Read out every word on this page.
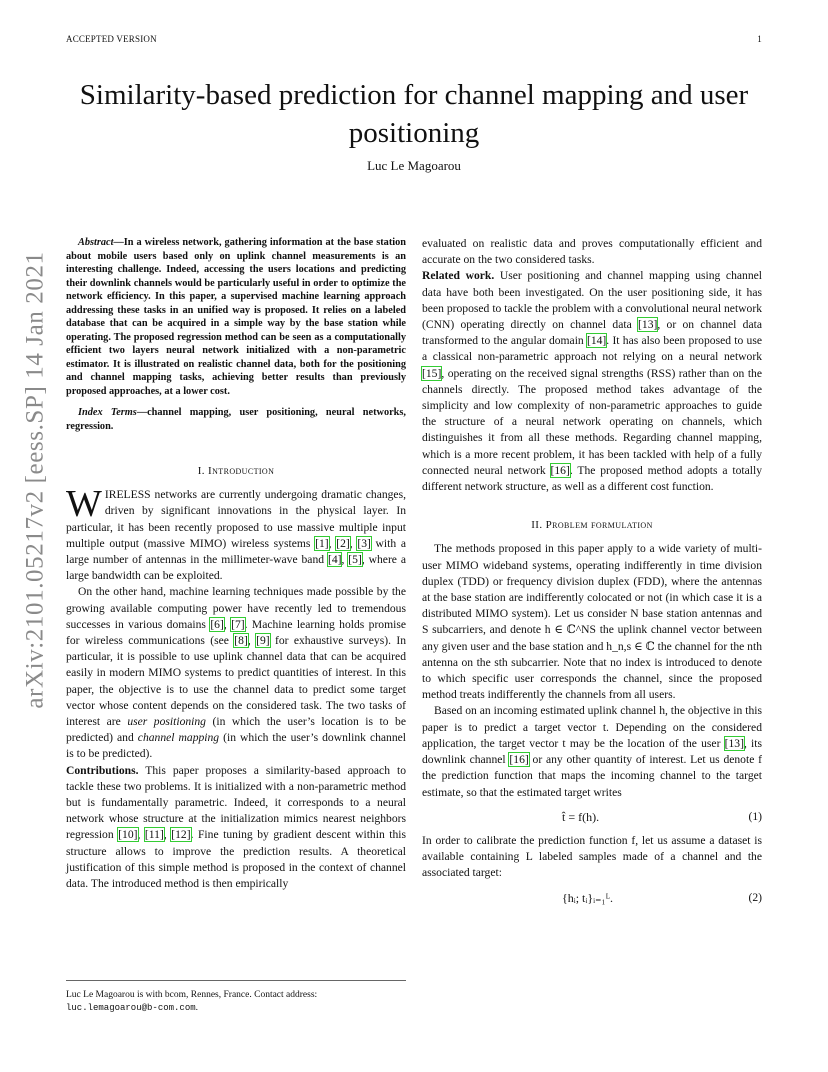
ACCEPTED VERSION	1
arXiv:2101.05217v2 [eess.SP] 14 Jan 2021
Similarity-based prediction for channel mapping and user positioning
Luc Le Magoarou

Abstract—In a wireless network, gathering information at the base station about mobile users based only on uplink channel measurements is an interesting challenge. Indeed, accessing the users locations and predicting their downlink channels would be particularly useful in order to optimize the network efficiency. In this paper, a supervised machine learning approach addressing these tasks in an unified way is proposed. It relies on a labeled database that can be acquired in a simple way by the base station while operating. The proposed regression method can be seen as a computationally efficient two layers neural network initialized with a non-parametric estimator. It is illustrated on realistic channel data, both for the positioning and channel mapping tasks, achieving better results than previously proposed approaches, at a lower cost.

Index Terms—channel mapping, user positioning, neural networks, regression.

I. Introduction

WIRELESS networks are currently undergoing dramatic changes, driven by significant innovations in the physical layer. In particular, it has been recently proposed to use massive multiple input multiple output (massive MIMO) wireless systems [1], [2], [3] with a large number of antennas in the millimeter-wave band [4], [5], where a large bandwidth can be exploited.

On the other hand, machine learning techniques made possible by the growing available computing power have recently led to tremendous successes in various domains [6], [7]. Machine learning holds promise for wireless communications (see [8], [9] for exhaustive surveys). In particular, it is possible to use uplink channel data that can be acquired easily in modern MIMO systems to predict quantities of interest. In this paper, the objective is to use the channel data to predict some target vector whose content depends on the considered task. The two tasks of interest are user positioning (in which the user’s location is to be predicted) and channel mapping (in which the user’s downlink channel is to be predicted).

Contributions. This paper proposes a similarity-based approach to tackle these two problems. It is initialized with a non-parametric method but is fundamentally parametric. Indeed, it corresponds to a neural network whose structure at the initialization mimics nearest neighbors regression [10], [11], [12]. Fine tuning by gradient descent within this structure allows to improve the prediction results. A theoretical justification of this simple method is proposed in the context of channel data. The introduced method is then empirically

evaluated on realistic data and proves computationally efficient and accurate on the two considered tasks.

Related work. User positioning and channel mapping using channel data have both been investigated. On the user positioning side, it has been proposed to tackle the problem with a convolutional neural network (CNN) operating directly on channel data [13], or on channel data transformed to the angular domain [14]. It has also been proposed to use a classical non-parametric approach not relying on a neural network [15], operating on the received signal strengths (RSS) rather than on the channels directly. The proposed method takes advantage of the simplicity and low complexity of non-parametric approaches to guide the structure of a neural network operating on channels, which distinguishes it from all these methods. Regarding channel mapping, which is a more recent problem, it has been tackled with help of a fully connected neural network [16]. The proposed method adopts a totally different network structure, as well as a different cost function.

II. Problem formulation

The methods proposed in this paper apply to a wide variety of multi-user MIMO wideband systems, operating indifferently in time division duplex (TDD) or frequency division duplex (FDD), where the antennas at the base station are indifferently colocated or not (in which case it is a distributed MIMO system). Let us consider N base station antennas and S subcarriers, and denote h ∈ ℂ^NS the uplink channel vector between any given user and the base station and h_n,s ∈ ℂ the channel for the nth antenna on the sth subcarrier. Note that no index is introduced to denote to which specific user corresponds the channel, since the proposed method treats indifferently the channels from all users.

Based on an incoming estimated uplink channel h, the objective in this paper is to predict a target vector t. Depending on the considered application, the target vector t may be the location of the user [13], its downlink channel [16] or any other quantity of interest. Let us denote f the prediction function that maps the incoming channel to the target estimate, so that the estimated target writes

t̂ = f(h).	(1)

In order to calibrate the prediction function f, let us assume a dataset is available containing L labeled samples made of a channel and the associated target:

{hᵢ; tᵢ}ᵢ₌₁ᴸ.	(2)
Luc Le Magoarou is with bcom, Rennes, France. Contact address: luc.lemagoarou@b-com.com.
